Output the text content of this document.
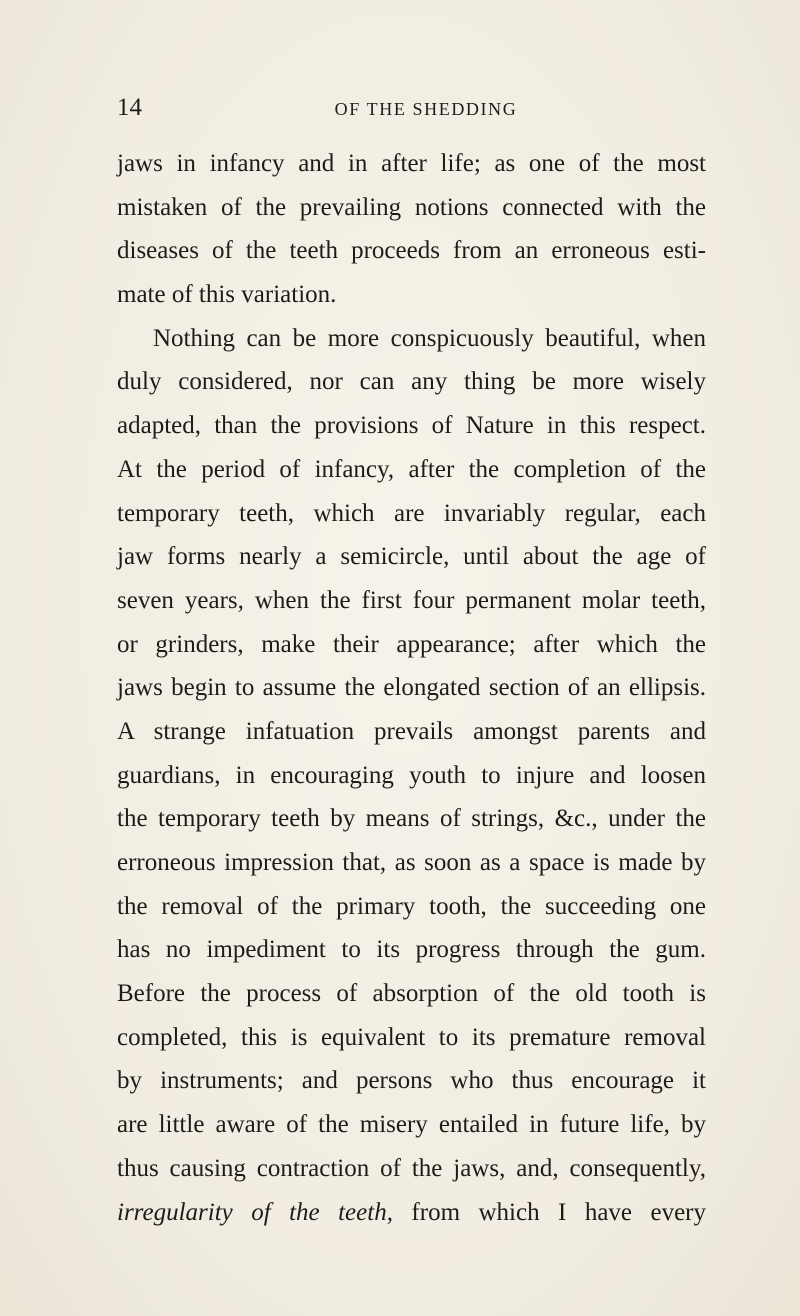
14	OF THE SHEDDING
jaws in infancy and in after life; as one of the most
mistaken of the prevailing notions connected with the
diseases of the teeth proceeds from an erroneous esti-
mate of this variation.
Nothing can be more conspicuously beautiful, when
duly considered, nor can any thing be more wisely
adapted, than the provisions of Nature in this respect.
At the period of infancy, after the completion of the
temporary teeth, which are invariably regular, each
jaw forms nearly a semicircle, until about the age of
seven years, when the first four permanent molar teeth,
or grinders, make their appearance; after which the
jaws begin to assume the elongated section of an ellipsis.
A strange infatuation prevails amongst parents and
guardians, in encouraging youth to injure and loosen
the temporary teeth by means of strings, &c., under the
erroneous impression that, as soon as a space is made by
the removal of the primary tooth, the succeeding one
has no impediment to its progress through the gum.
Before the process of absorption of the old tooth is
completed, this is equivalent to its premature removal
by instruments; and persons who thus encourage it
are little aware of the misery entailed in future life, by
thus causing contraction of the jaws, and, consequently,
irregularity of the teeth, from which I have every
